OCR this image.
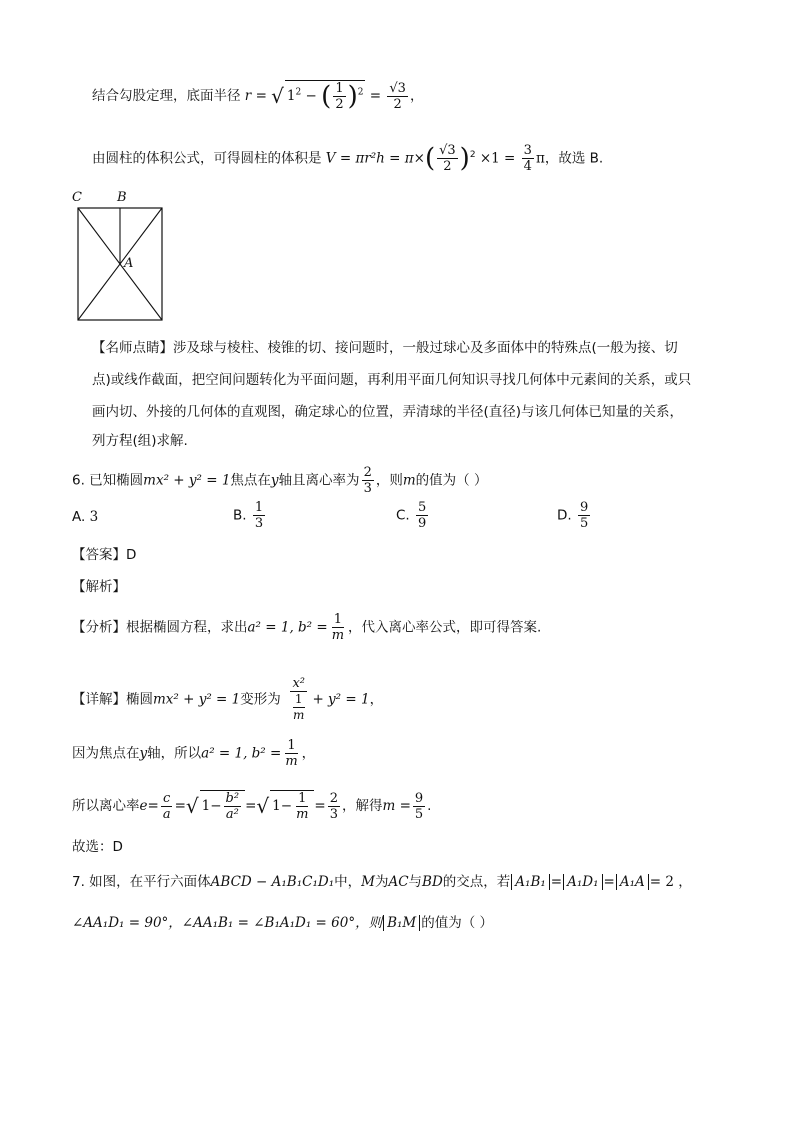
结合勾股定理，底面半径 r = √ $1^2$ − ( $\frac{1}{2} )^2 = \frac{√3}{2}$ ，
由圆柱的体积公式，可得圆柱的体积是 $V = \pi r^2h = \pi\times( \frac{√3}{2} )^2 \times 1 = \frac{3}{4}$ π，故选 B.
C	B
A
【名师点睛】涉及球与棱柱、棱锥的切、接问题时，一般过球心及多面体中的特殊点(一般为接、切
点)或线作截面，把空间问题转化为平面问题，再利用平面几何知识寻找几何体中元素间的关系，或只
画内切、外接的几何体的直观图，确定球心的位置，弄清球的半径(直径)与该几何体已知量的关系，
列方程(组)求解.
6. 已知椭圆mx² + y² = 1焦点在y轴且离心率为 $\frac{2}{3}$ ，则m的值为（ ）
A. 3	B. $\frac{1}{3}$	C. $\frac{5}{9}$	D. $\frac{9}{5}$
【答案】D
【解析】
【分析】根据椭圆方程，求出a² = 1, $b^2 = \frac{1}{m}$ ，代入离心率公式，即可得答案.
【详解】椭圆mx² + y² = 1变形为 $\frac{\text{x²}}{\frac{1}{m}} + y^2 = 1$，
因为焦点在y轴，所以a² = 1, $b^2 = \frac{1}{m}$ ，
所以离心率$e= \frac{c}{a}$ =√ $1- \frac{\text{b²}}{\text{a²}}$ =√ $1- \frac{1}{m} = \frac{2}{3}$ ，解得$m = \frac{9}{5}$ .
故选：D
7. 如图，在平行六面体ABCD − A₁B₁C₁D₁中，M为AC与BD的交点，若 A₁B₁ = A₁D₁ = A₁A = 2 ，
∠AA₁D₁ = 90°，∠AA₁B₁ = ∠B₁A₁D₁ = 60°，则 B₁M 的值为（ ）
